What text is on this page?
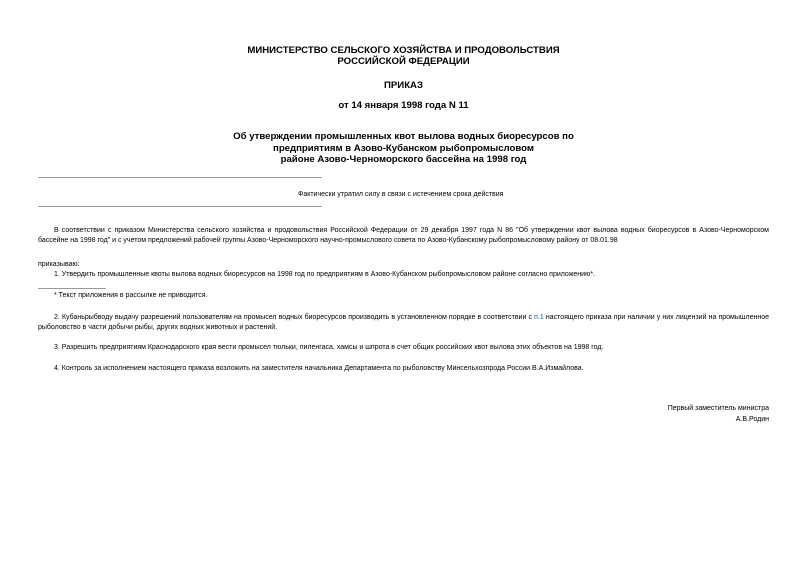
МИНИСТЕРСТВО СЕЛЬСКОГО ХОЗЯЙСТВА И ПРОДОВОЛЬСТВИЯ
РОССИЙСКОЙ ФЕДЕРАЦИИ
ПРИКАЗ
от 14 января 1998 года N 11
Об утверждении промышленных квот вылова водных биоресурсов по
предприятиям в Азово-Кубанском рыбопромысловом
районе Азово-Черноморского бассейна на 1998 год
Фактически утратил силу в связи с истечением срока действия
В соответствии с приказом Министерства сельского хозяйства и продовольствия Российской Федерации от 29 декабря 1997 года N 86 "Об утверждении квот вылова водных биоресурсов в Азово-Черноморском бассейне на 1998 год" и с учетом предложений рабочей группы Азово-Черноморского научно-промыслового совета по Азово-Кубанскому рыбопромысловому району от 08.01.98
приказываю:
1. Утвердить промышленные квоты вылова водных биоресурсов на 1998 год по предприятиям в Азово-Кубанском рыбопромысловом районе согласно приложению*.
* Текст приложения в рассылке не приводится.
2. Кубаньрыбводу выдачу разрешений пользователям на промысел водных биоресурсов производить в установленном порядке в соответствии с п.1 настоящего приказа при наличии у них лицензий на промышленное рыболовство в части добычи рыбы, других водных животных и растений.
3. Разрешить предприятиям Краснодарского края вести промысел тюльки, пиленгаса, хамсы и шпрота в счет общих российских квот вылова этих объектов на 1998 год.
4. Контроль за исполнением настоящего приказа возложить на заместителя начальника Департамента по рыболовству Минсельхозпрода России В.А.Измайлова.
Первый заместитель министра
А.В.Родин
